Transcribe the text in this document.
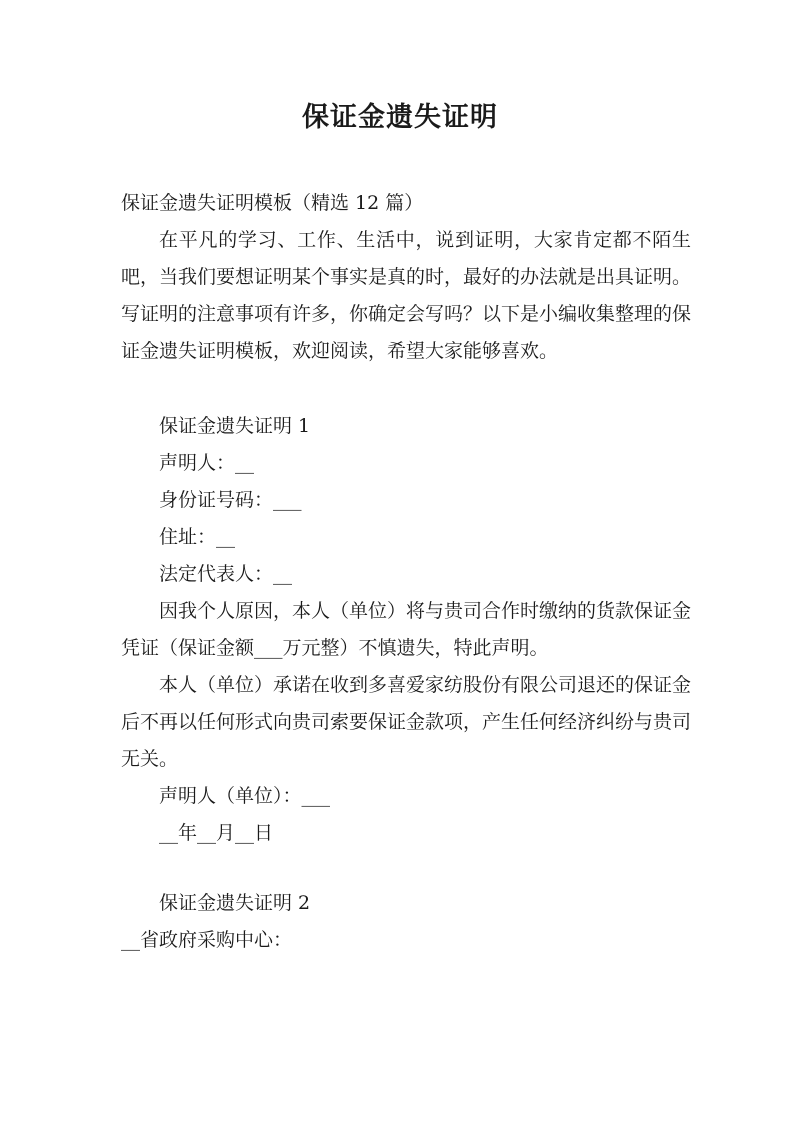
保证金遗失证明
保证金遗失证明模板（精选 12 篇）
在平凡的学习、工作、生活中，说到证明，大家肯定都不陌生吧，当我们要想证明某个事实是真的时，最好的办法就是出具证明。写证明的注意事项有许多，你确定会写吗？以下是小编收集整理的保证金遗失证明模板，欢迎阅读，希望大家能够喜欢。
保证金遗失证明 1
声明人：__
身份证号码：___
住址：__
法定代表人：__
因我个人原因，本人（单位）将与贵司合作时缴纳的货款保证金凭证（保证金额___万元整）不慎遗失，特此声明。
本人（单位）承诺在收到多喜爱家纺股份有限公司退还的保证金后不再以任何形式向贵司索要保证金款项，产生任何经济纠纷与贵司无关。
声明人（单位）：___
__年__月__日
保证金遗失证明 2
__省政府采购中心：
